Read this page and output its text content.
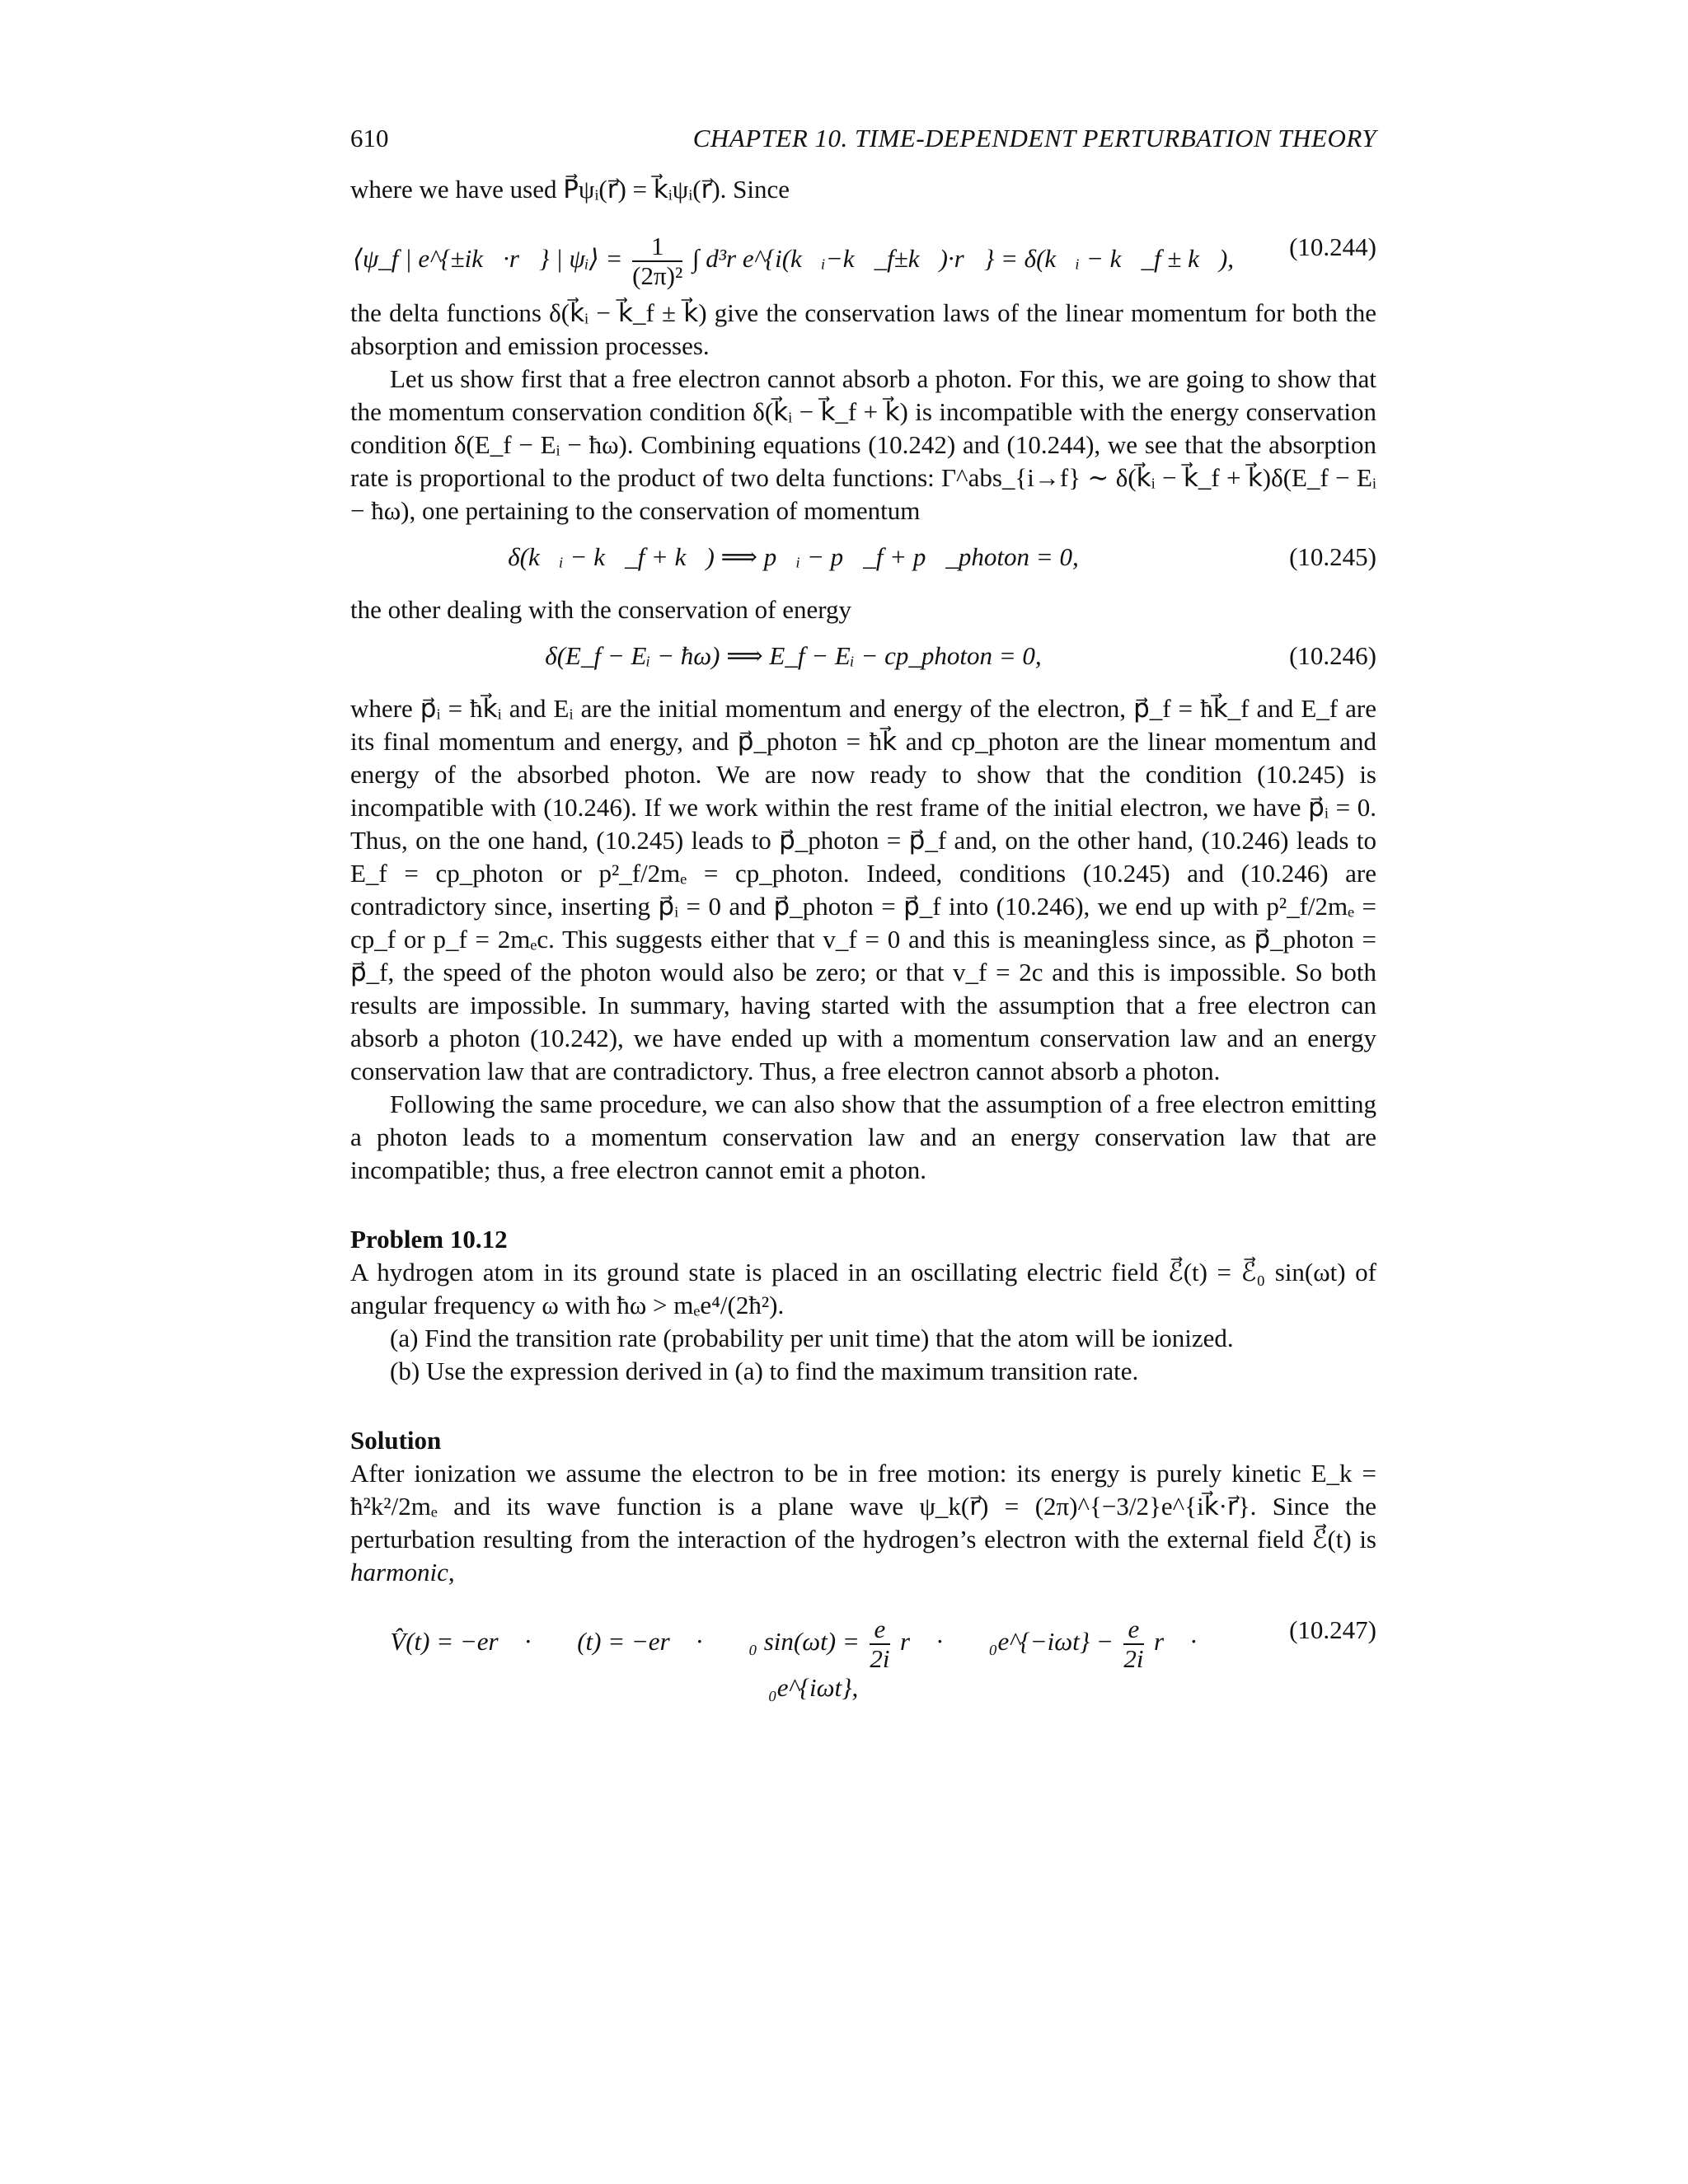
610	CHAPTER 10. TIME-DEPENDENT PERTURBATION THEORY

where we have used P⃗ψᵢ(r⃗) = k⃗ᵢψᵢ(r⃗). Since

⟨ψ_f | e^{±ik⃗·r⃗} | ψᵢ⟩ = $\frac{1}{\text{(2π)²}}$ ∫ d³r e^{i(k⃗ᵢ−k⃗_f±k⃗)·r⃗} = δ(k⃗ᵢ − k⃗_f ± k⃗), (10.244)

the delta functions δ(k⃗ᵢ − k⃗_f ± k⃗) give the conservation laws of the linear momentum for both the absorption and emission processes.

Let us show first that a free electron cannot absorb a photon. For this, we are going to show that the momentum conservation condition δ(k⃗ᵢ − k⃗_f + k⃗) is incompatible with the energy conservation condition δ(E_f − Eᵢ − ħω). Combining equations (10.242) and (10.244), we see that the absorption rate is proportional to the product of two delta functions: Γ^abs_{i→f} ∼ δ(k⃗ᵢ − k⃗_f + k⃗)δ(E_f − Eᵢ − ħω), one pertaining to the conservation of momentum

δ(k⃗ᵢ − k⃗_f + k⃗) ⟹ p⃗ᵢ − p⃗_f + p⃗_photon = 0,	(10.245)

the other dealing with the conservation of energy

δ(E_f − Eᵢ − ħω) ⟹ E_f − Eᵢ − cp_photon = 0,	(10.246)

where p⃗ᵢ = ħk⃗ᵢ and Eᵢ are the initial momentum and energy of the electron, p⃗_f = ħk⃗_f and E_f are its final momentum and energy, and p⃗_photon = ħk⃗ and cp_photon are the linear momentum and energy of the absorbed photon. We are now ready to show that the condition (10.245) is incompatible with (10.246). If we work within the rest frame of the initial electron, we have p⃗ᵢ = 0. Thus, on the one hand, (10.245) leads to p⃗_photon = p⃗_f and, on the other hand, (10.246) leads to E_f = cp_photon or p²_f/2mₑ = cp_photon. Indeed, conditions (10.245) and (10.246) are contradictory since, inserting p⃗ᵢ = 0 and p⃗_photon = p⃗_f into (10.246), we end up with p²_f/2mₑ = cp_f or p_f = 2mₑc. This suggests either that v_f = 0 and this is meaningless since, as p⃗_photon = p⃗_f, the speed of the photon would also be zero; or that v_f = 2c and this is impossible. So both results are impossible. In summary, having started with the assumption that a free electron can absorb a photon (10.242), we have ended up with a momentum conservation law and an energy conservation law that are contradictory. Thus, a free electron cannot absorb a photon.

Following the same procedure, we can also show that the assumption of a free electron emitting a photon leads to a momentum conservation law and an energy conservation law that are incompatible; thus, a free electron cannot emit a photon.

Problem 10.12

A hydrogen atom in its ground state is placed in an oscillating electric field ℰ⃗(t) = ℰ⃗₀ sin(ωt) of angular frequency ω with ħω > mₑe⁴/(2ħ²).

(a) Find the transition rate (probability per unit time) that the atom will be ionized.

(b) Use the expression derived in (a) to find the maximum transition rate.

Solution

After ionization we assume the electron to be in free motion: its energy is purely kinetic E_k = ħ²k²/2mₑ and its wave function is a plane wave ψ_k(r⃗) = (2π)^{−3/2}e^{ik⃗·r⃗}. Since the perturbation resulting from the interaction of the hydrogen’s electron with the external field ℰ⃗(t) is harmonic,

V̂(t) = −er⃗ · ℰ⃗(t) = −er⃗ · ℰ⃗₀ $\sin(\omega t) = \frac{e}{2i}$ r⃗ · ℰ⃗₀e^{−iωt} − $\frac{e}{2i}$ r⃗ · ℰ⃗₀e^{iωt},
(10.247)
